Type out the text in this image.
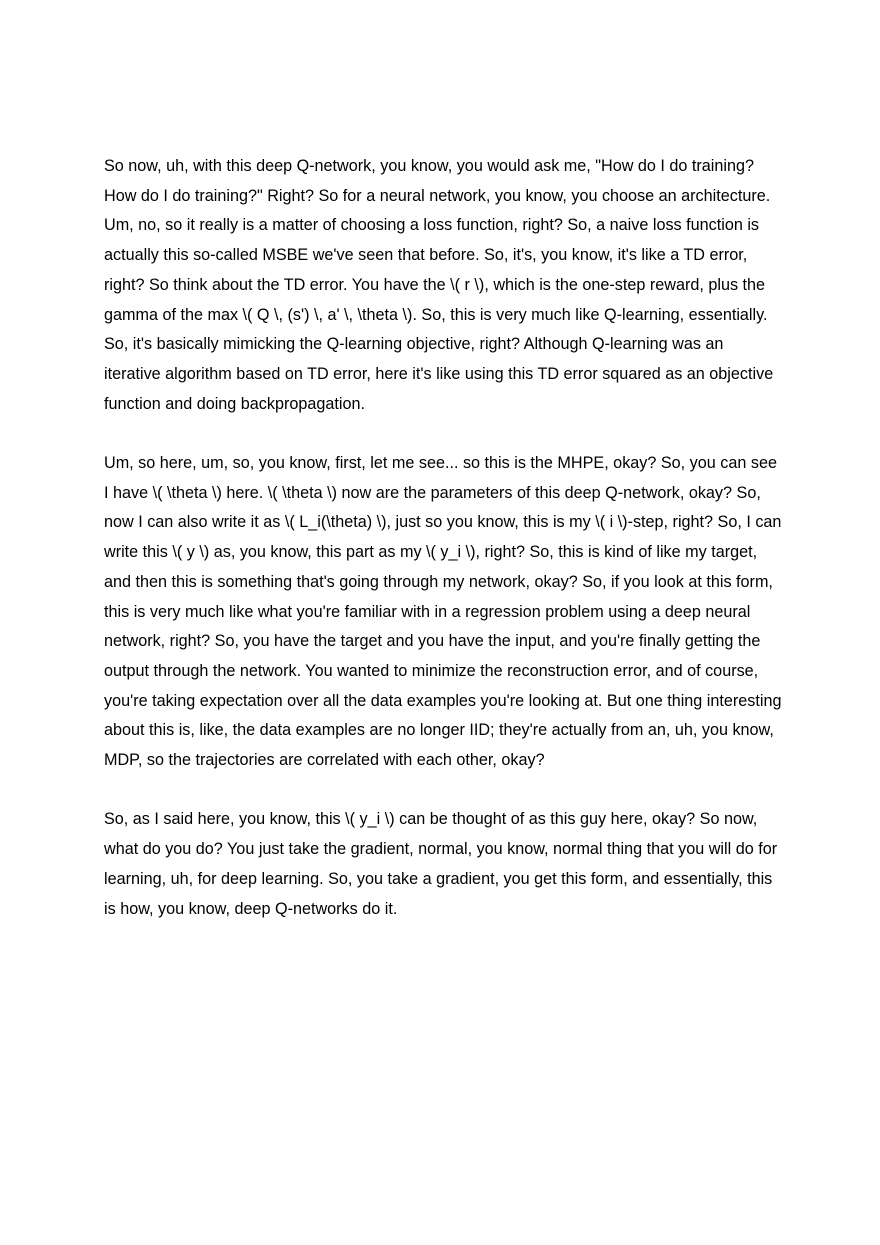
So now, uh, with this deep Q-network, you know, you would ask me, "How do I do training? How do I do training?" Right? So for a neural network, you know, you choose an architecture. Um, no, so it really is a matter of choosing a loss function, right? So, a naive loss function is actually this so-called MSBE we've seen that before. So, it's, you know, it's like a TD error, right? So think about the TD error. You have the \( r \), which is the one-step reward, plus the gamma of the max \( Q \, (s') \, a' \, \theta \). So, this is very much like Q-learning, essentially. So, it's basically mimicking the Q-learning objective, right? Although Q-learning was an iterative algorithm based on TD error, here it's like using this TD error squared as an objective function and doing backpropagation.

Um, so here, um, so, you know, first, let me see... so this is the MHPE, okay? So, you can see I have \( \theta \) here. \( \theta \) now are the parameters of this deep Q-network, okay? So, now I can also write it as \( L_i(\theta) \), just so you know, this is my \( i \)-step, right? So, I can write this \( y \) as, you know, this part as my \( y_i \), right? So, this is kind of like my target, and then this is something that's going through my network, okay? So, if you look at this form, this is very much like what you're familiar with in a regression problem using a deep neural network, right? So, you have the target and you have the input, and you're finally getting the output through the network. You wanted to minimize the reconstruction error, and of course, you're taking expectation over all the data examples you're looking at. But one thing interesting about this is, like, the data examples are no longer IID; they're actually from an, uh, you know, MDP, so the trajectories are correlated with each other, okay?

So, as I said here, you know, this \( y_i \) can be thought of as this guy here, okay? So now, what do you do? You just take the gradient, normal, you know, normal thing that you will do for learning, uh, for deep learning. So, you take a gradient, you get this form, and essentially, this is how, you know, deep Q-networks do it.
